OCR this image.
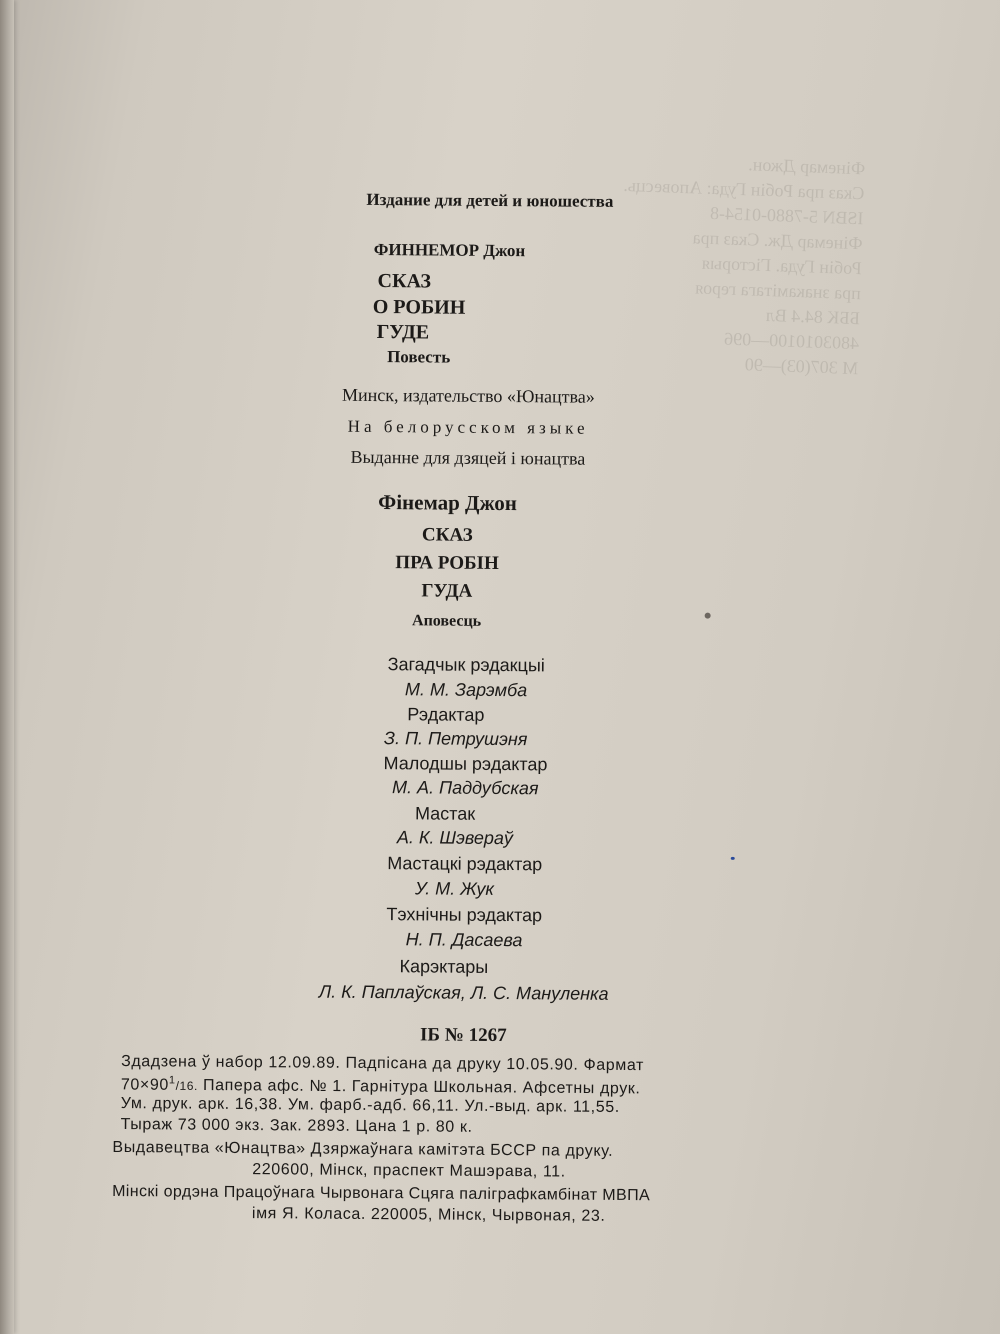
Фінемар Джон.
Сказ пра Робін Гуда: Аповесць.
ISBN 5-7880-0154-8
Фінемар Дж. Сказ пра
Робін Гуда. Гісторыя
пра знакамітага героя
ББК 84.4 Вл
4803010100—096
М 307(03)—90
Издание для детей и юношества
ФИННЕМОР Джон
СКАЗ
О РОБИН
ГУДЕ
Повесть
Минск, издательство «Юнацтва»
На белорусском языке
Выданне для дзяцей і юнацтва
Фінемар Джон
СКАЗ
ПРА РОБІН
ГУДА
Аповесць
Загадчык рэдакцыі
М. М. Зарэмба
Рэдактар
З. П. Петрушэня
Малодшы рэдактар
М. А. Паддубская
Мастак
А. К. Шэвераў
Мастацкі рэдактар
У. М. Жук
Тэхнічны рэдактар
Н. П. Дасаева
Карэктары
Л. К. Паплаўская, Л. С. Мануленка
ІБ № 1267
Здадзена ў набор 12.09.89. Падпісана да друку 10.05.90. Фармат
$70\times 90^1/16$. Папера афс. № 1. Гарнітура Школьная. Афсетны друк.
Ум. друк. арк. 16,38. Ум. фарб.-адб. 66,11. Ул.-выд. арк. 11,55.
Тыраж 73 000 экз. Зак. 2893. Цана 1 р. 80 к.
Выдавецтва «Юнацтва» Дзяржаўнага камітэта БССР па друку.
220600, Мінск, праспект Машэрава, 11.
Мінскі ордэна Працоўнага Чырвонага Сцяга паліграфкамбінат МВПА
імя Я. Коласа. 220005, Мінск, Чырвоная, 23.
